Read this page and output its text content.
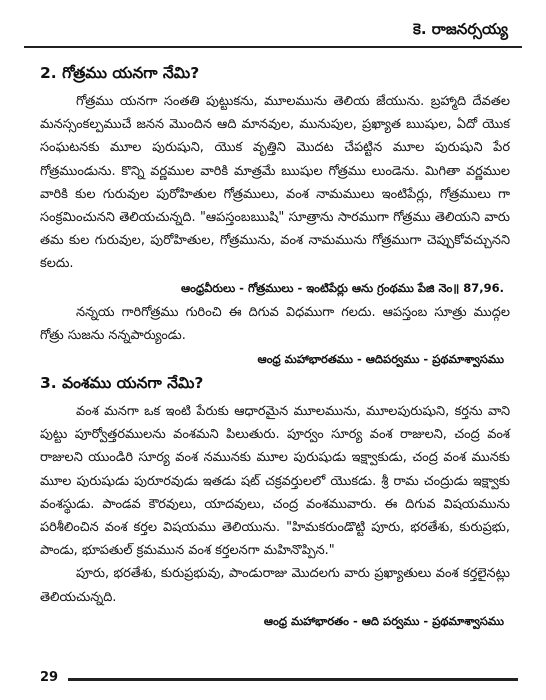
కె. రాజనర్సయ్య
2. గోత్రము యనగా నేమి?

గోత్రము యనగా సంతతి పుట్టుకను, మూలమును తెలియ జేయును. బ్రహ్మాది దేవతల మనస్సంకల్పముచే జనన మొందిన ఆది మానవుల, మునుపుల, ప్రఖ్యాత ఋషుల, ఏదో యొక సంఘటనకు మూల పురుషుని, యొక వృత్తిని మొదట చేపట్టిన మూల పురుషుని పేర గోత్రముండును. కొన్ని వర్ణముల వారికి మాత్రమే ఋషుల గోత్రము లుండెను. మిగితా వర్ణముల వారికి కుల గురువుల పురోహితుల గోత్రములు, వంశ నామములు ఇంటిపేర్లు, గోత్రములు గా సంక్రమించునని తెలియచున్నది. "ఆపస్తంబఋషి" సూత్రాను సారముగా గోత్రము తెలియని వారు తమ కుల గురువుల, పురోహితుల, గోత్రమును, వంశ నామమును గోత్రముగా చెప్పుకోవచ్చునని కలదు.

ఆంధ్రవీరులు - గోత్రములు - ఇంటిపేర్లు ఆను గ్రంథము పేజి నెం॥ 87,96.

నన్నయ గారిగోత్రము గురించి ఈ దిగువ విధముగా గలదు. ఆపస్తంబ సూత్రు ముద్గల గోత్రు సుజను నన్నపార్యుండు.

ఆంధ్ర మహాభారతము - ఆదిపర్వము - ప్రథమాశ్వాసము
3. వంశము యనగా నేమి?

వంశ మనగా ఒక ఇంటి పేరుకు ఆధారమైన మూలమును, మూలపురుషుని, కర్తను వాని పుట్టు పూర్వోత్తరములను వంశమని పిలుతురు. పూర్వం సూర్య వంశ రాజులని, చంద్ర వంశ రాజులని యుండిరి సూర్య వంశ నమునకు మూల పురుషుడు ఇక్ష్వాకుడు, చంద్ర వంశ మునకు మూల పురుషుడు పురూరవుడు ఇతడు షట్ చక్రవర్తులలో యొకడు. శ్రీ రామ చంద్రుడు ఇక్ష్వాకు వంశస్థుడు. పాండవ కౌరవులు, యాదవులు, చంద్ర వంశమువారు. ఈ దిగువ విషయమును పరిశీలించిన వంశ కర్తల విషయము తెలియును. "హిమకరుండొట్టి పూరు, భరతేశు, కురుప్రభు, పాండు, భూపతుల్ క్రమమున వంశ కర్తలనగా మహినొప్పిన."

పూరు, భరతేశు, కురుప్రభువు, పాండురాజు మొదలగు వారు ప్రఖ్యాతులు వంశ కర్తలైనట్లు తెలియచున్నది.

ఆంధ్ర మహాభారతం - ఆది పర్వము - ప్రథమాశ్వాసము
29
